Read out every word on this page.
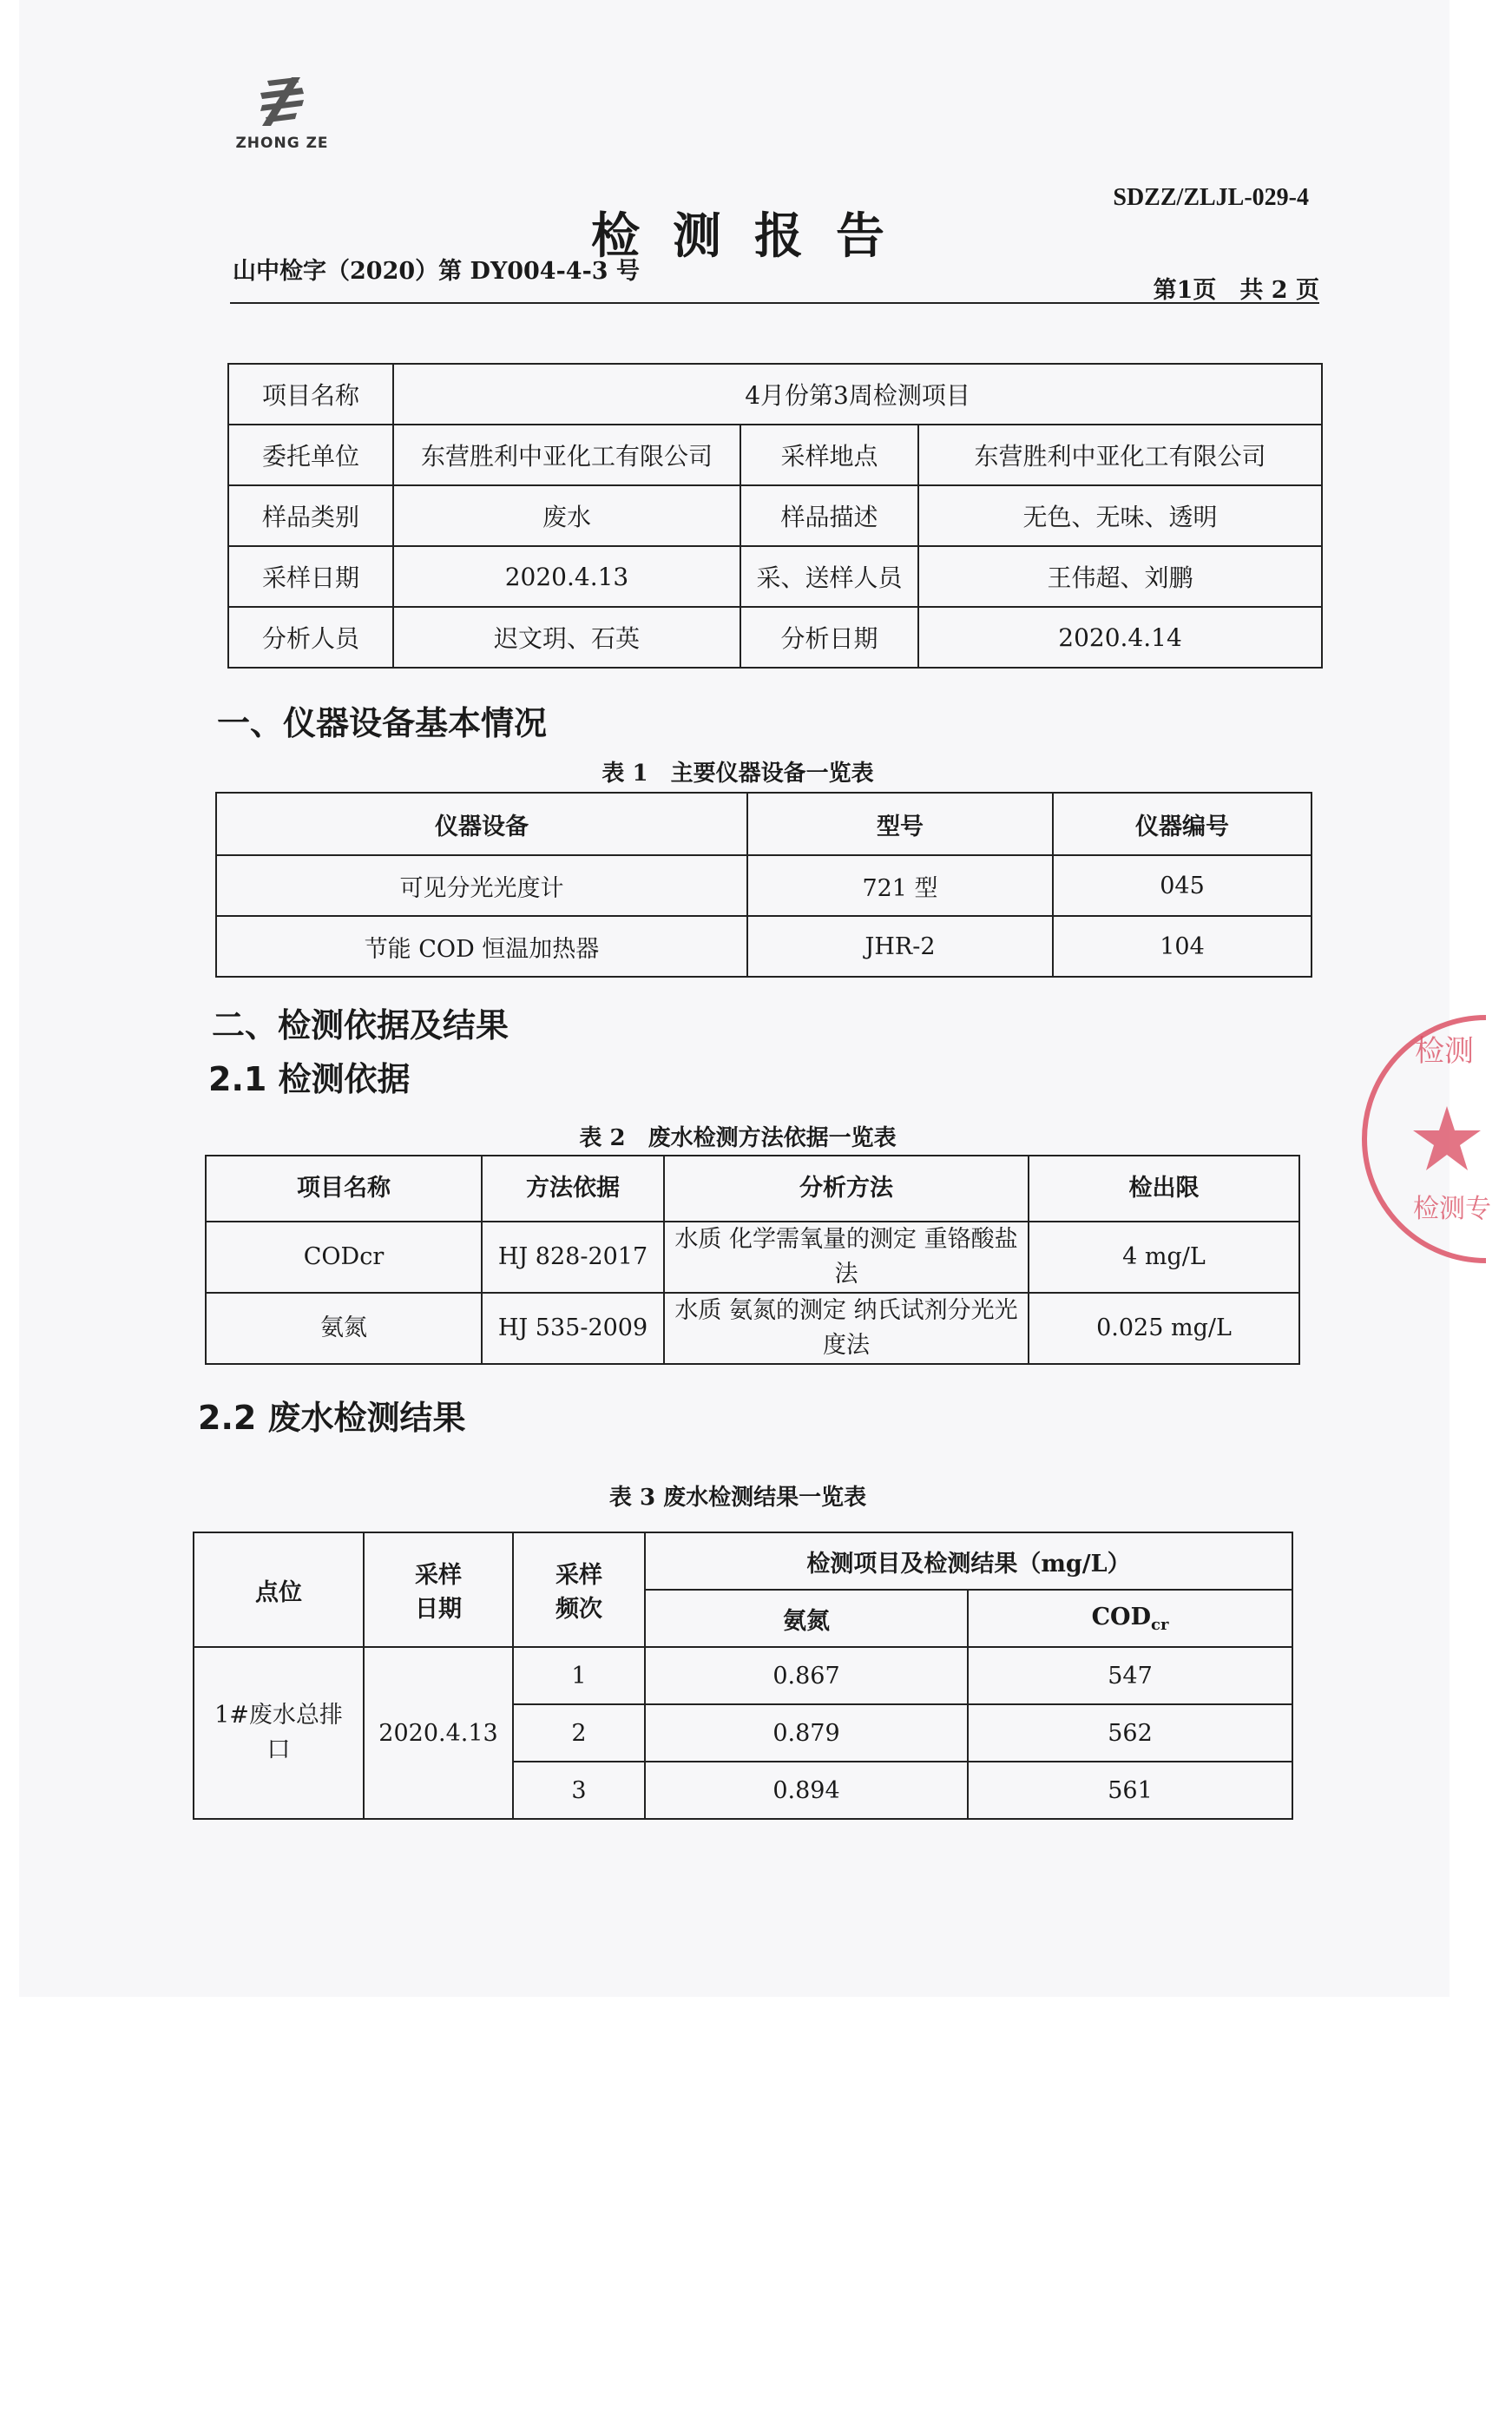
ZHONG ZE
SDZZ/ZLJL-029-4
检测报告
山中检字（2020）第 DY004-4-3 号
第1页　共 2 页
项目名称	4月份第3周检测项目		
委托单位	东营胜利中亚化工有限公司	采样地点	东营胜利中亚化工有限公司
样品类别	废水	样品描述	无色、无味、透明
采样日期	2020.4.13	采、送样人员	王伟超、刘鹏
分析人员	迟文玥、石英	分析日期	2020.4.14
一、仪器设备基本情况
表 1　主要仪器设备一览表
仪器设备	型号	仪器编号
可见分光光度计	721 型	045
节能 COD 恒温加热器	JHR-2	104
二、检测依据及结果
2.1 检测依据
表 2　废水检测方法依据一览表
项目名称	方法依据	分析方法	检出限
CODcr	HJ 828-2017	水质 化学需氧量的测定 重铬酸盐法	4 mg/L
氨氮	HJ 535-2009	水质 氨氮的测定 纳氏试剂分光光度法	0.025 mg/L
2.2 废水检测结果
表 3 废水检测结果一览表
点位	采样日期	采样频次	检测项目及检测结果（mg/L）	
			氨氮	$COD_{cr}$
1#废水总排口	2020.4.13	1	0.867	547
		2	0.879	562
		3	0.894	561
检测
检测专
